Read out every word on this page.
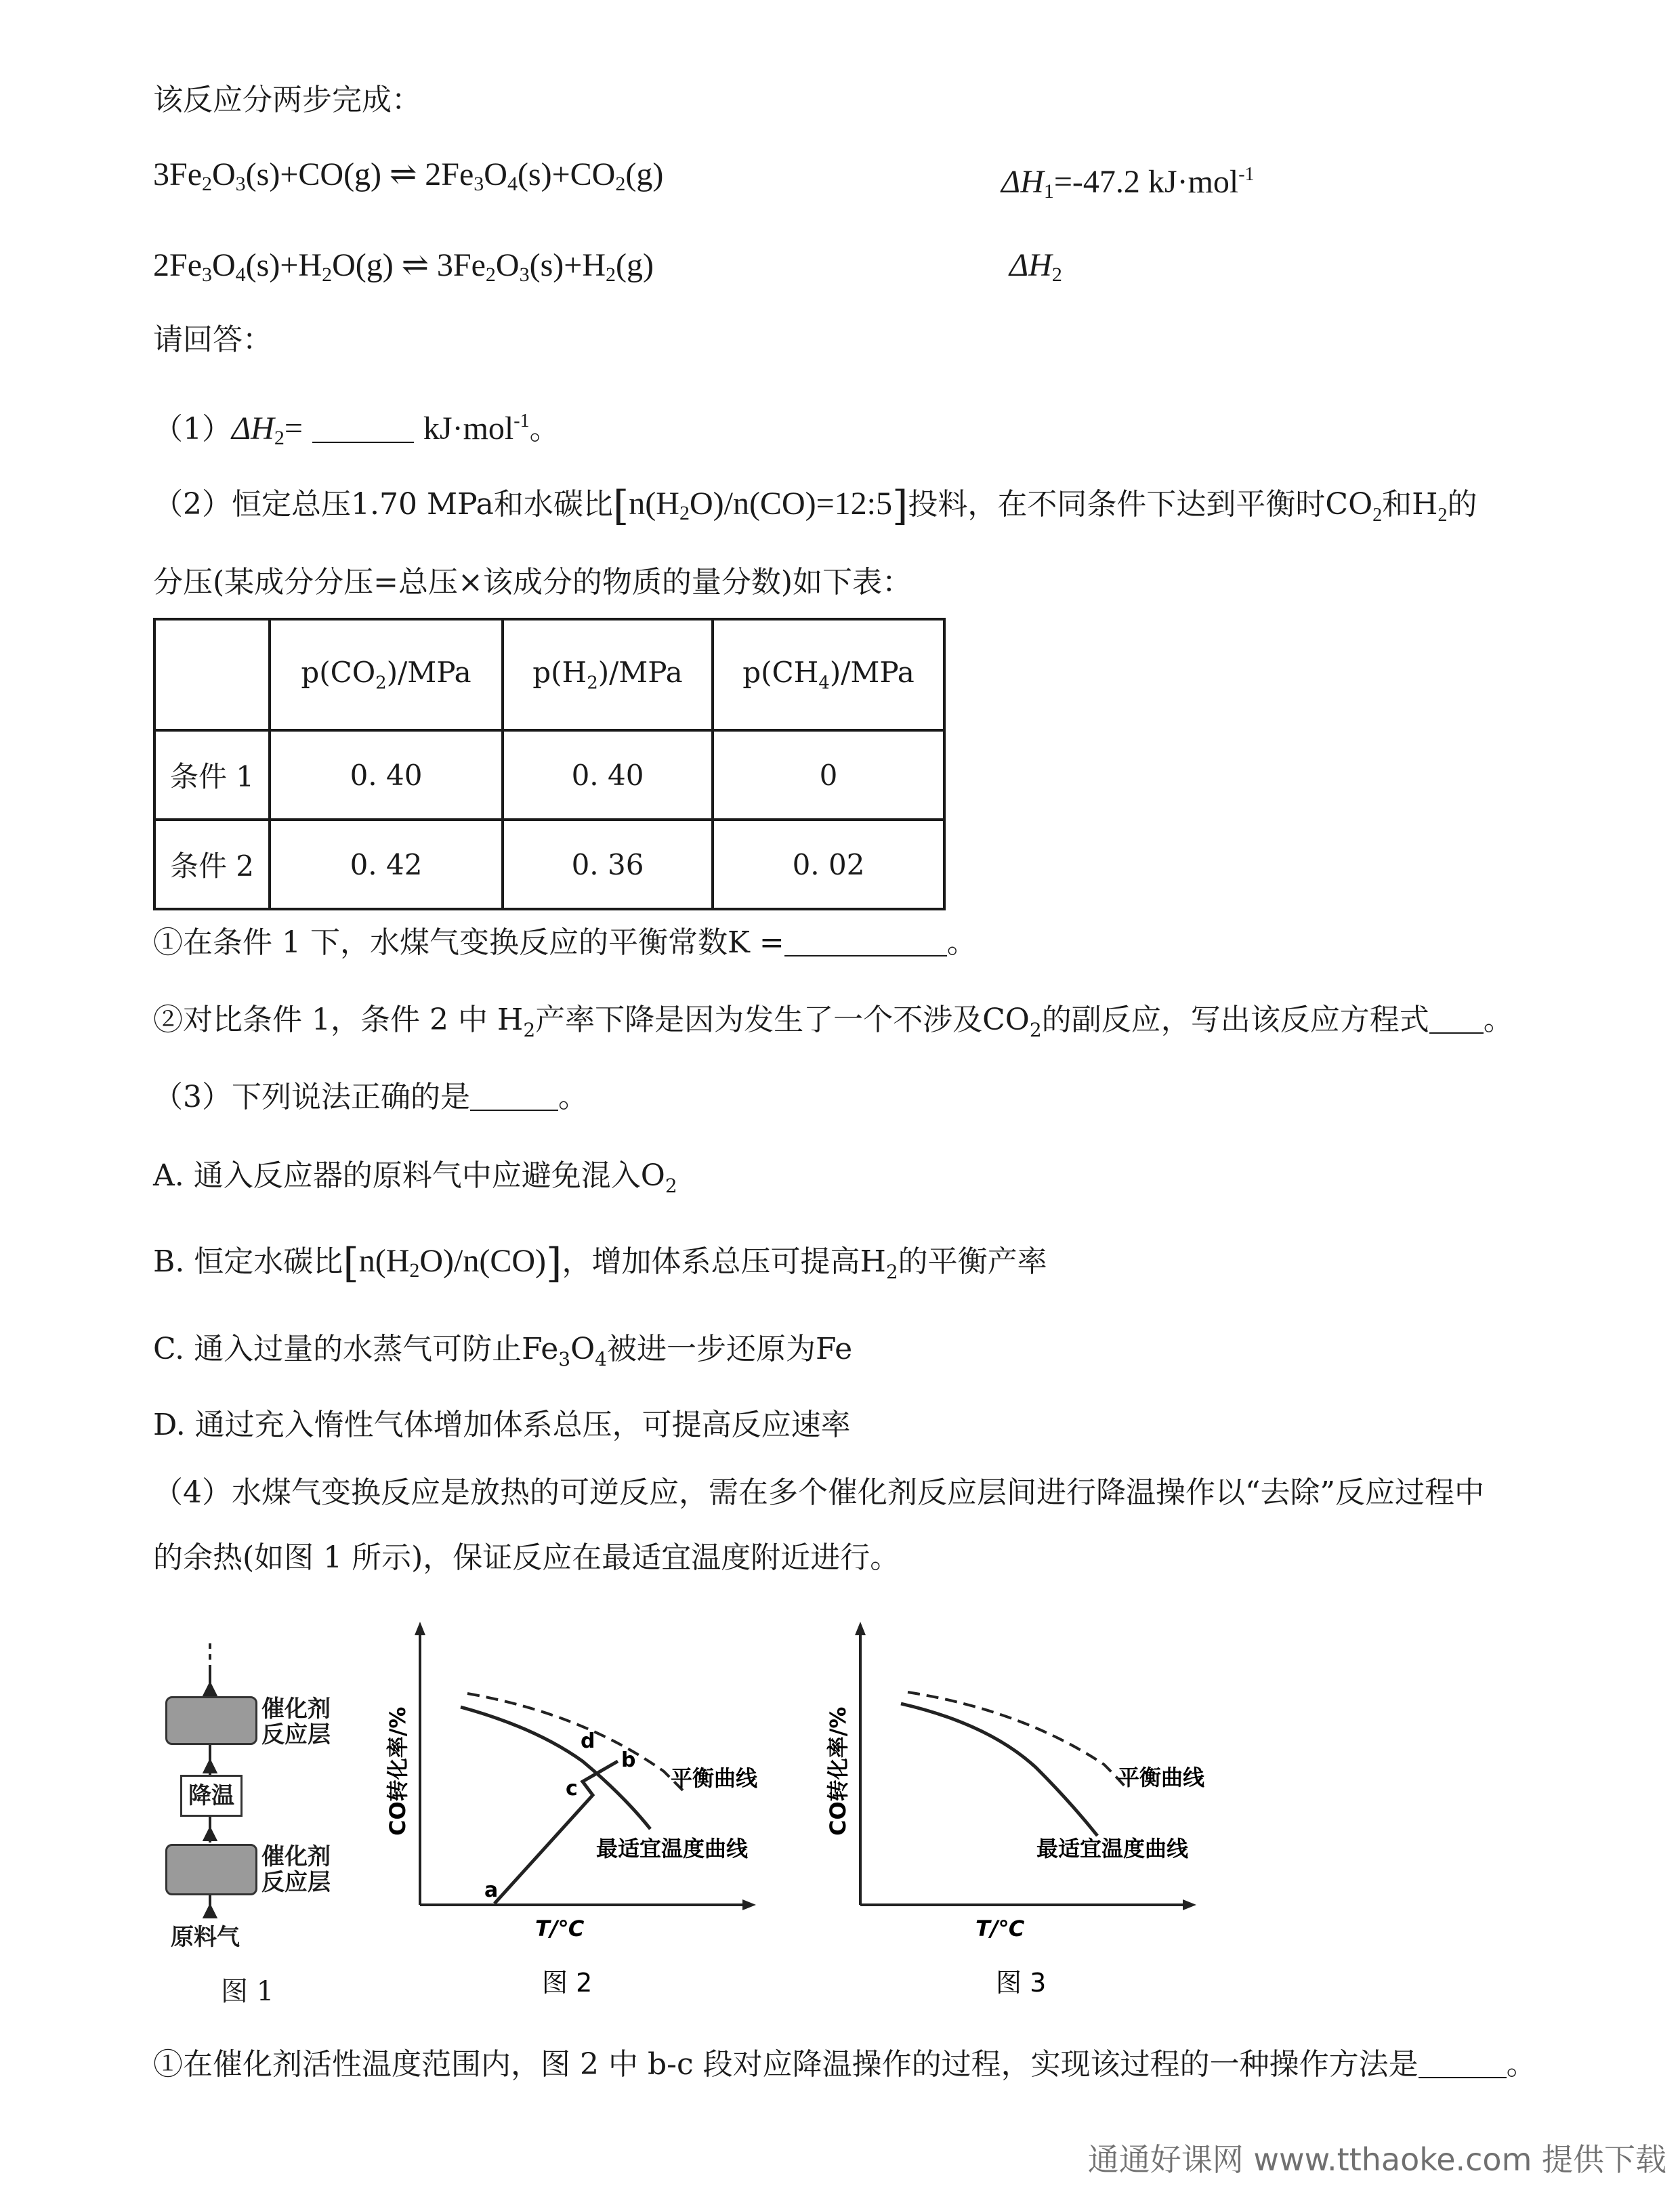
该反应分两步完成：
$3Fe_2O_3(s)+CO(g)$ ⇌ $2Fe_3O_4(s)+CO_2(g)$	$\Delta H_1=-47.2$ kJ·mol$^{-1}$
$2Fe_3O_4(s)+H_2O(g)$ ⇌ $3Fe_2O_3(s)+H_2(g)$	$\Delta H_2$
请回答：
$(1)\Delta H_2=$	kJ·mol$^{-1}$。
（2）恒定总压1.70 MPa和水碳比$[n(H_2O)/n(CO)=12:5]$投料，在不同条件下达到平衡时$CO_2$和$H_2$的
分压(某成分分压=总压×该成分的物质的量分数)如下表：
	$p(CO_2)$/MPa	$p(H_2)$/MPa	$p(CH_4)$/MPa
条件 1	0. 40	0. 40	0
条件 2	0. 42	0. 36	0. 02
①在条件 1 下，水煤气变换反应的平衡常数K =	。
②对比条件 1，条件 2 中 $H_2$产率下降是因为发生了一个不涉及$CO_2$的副反应，写出该反应方程式 。
（3）下列说法正确的是	。
A. 通入反应器的原料气中应避免混入$O_2$
B. 恒定水碳比$[n(H_2O)/n(CO)]$，增加体系总压可提高$H_2$的平衡产率
C. 通入过量的水蒸气可防止$Fe_3O_4$被进一步还原为Fe
D. 通过充入惰性气体增加体系总压，可提高反应速率
（4）水煤气变换反应是放热的可逆反应，需在多个催化剂反应层间进行降温操作以“去除”反应过程中
的余热(如图 1 所示)，保证反应在最适宜温度附近进行。
催化剂
反应层
降温
催化剂
反应层
原料气
图 1
a
b
c
d
平衡曲线
最适宜温度曲线
T/℃
CO转化率/%
图 2
平衡曲线
最适宜温度曲线
T/℃
CO转化率/%
图 3
①在催化剂活性温度范围内，图 2 中 b-c 段对应降温操作的过程，实现该过程的一种操作方法是	。
通通好课网 www.tthaoke.com 提供下载
